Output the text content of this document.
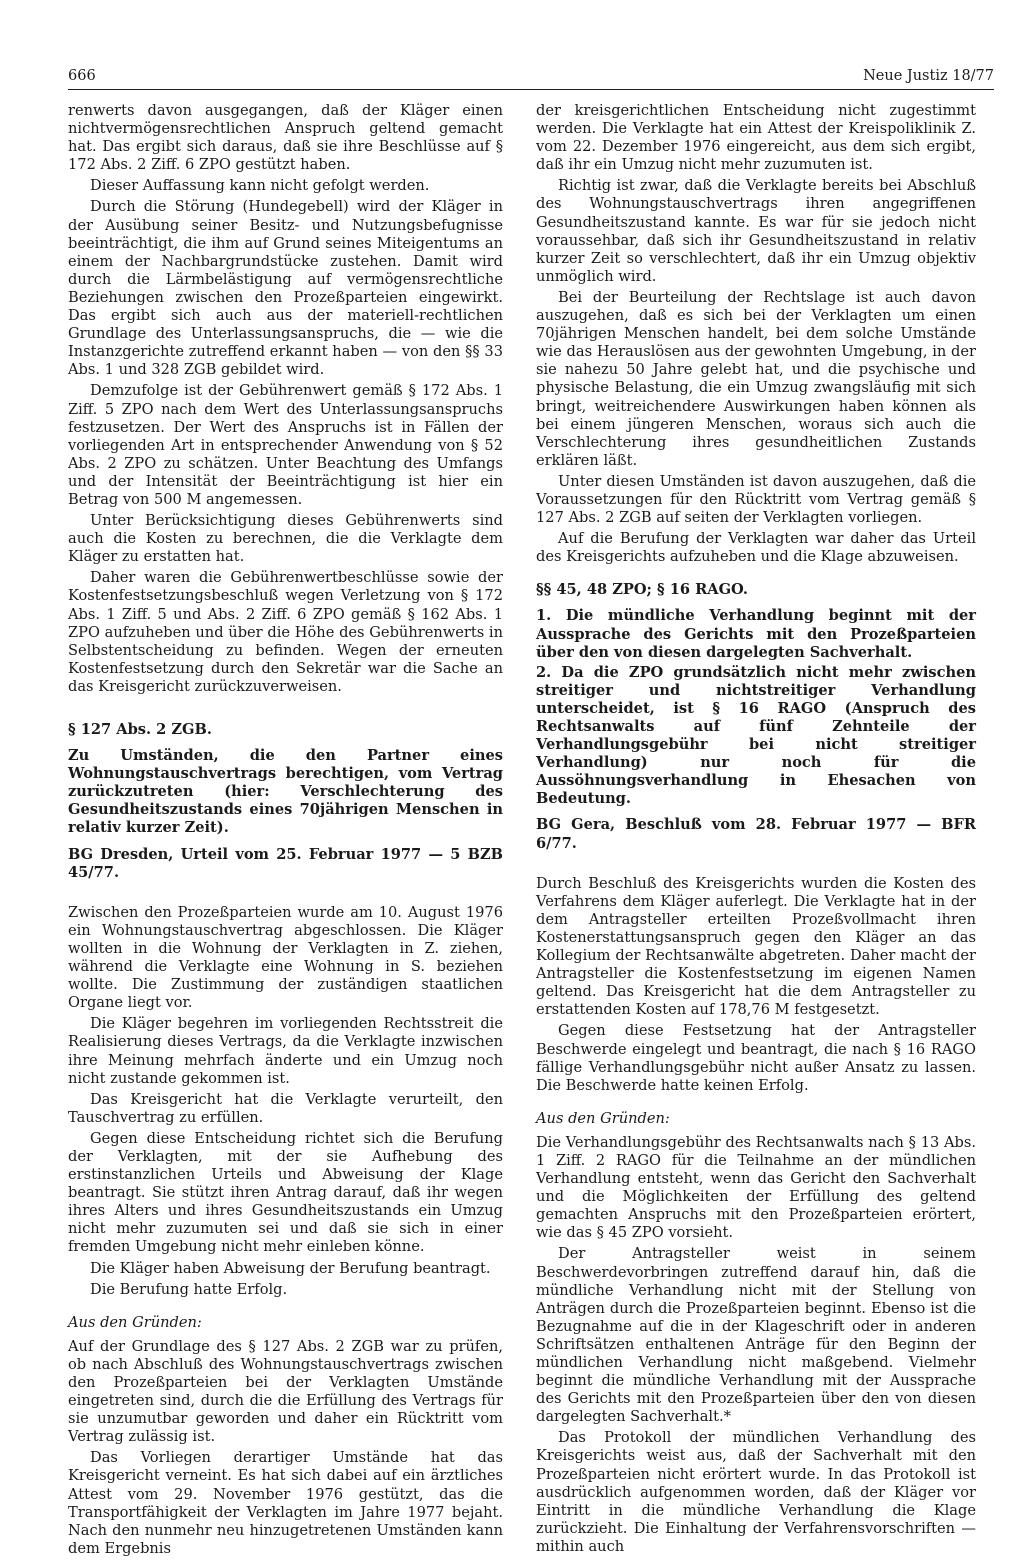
666	Neue Justiz 18/77

renwerts davon ausgegangen, daß der Kläger einen nichtvermögensrechtlichen Anspruch geltend gemacht hat. Das ergibt sich daraus, daß sie ihre Beschlüsse auf § 172 Abs. 2 Ziff. 6 ZPO gestützt haben.

Dieser Auffassung kann nicht gefolgt werden.

Durch die Störung (Hundegebell) wird der Kläger in der Ausübung seiner Besitz- und Nutzungsbefugnisse beeinträchtigt, die ihm auf Grund seines Miteigentums an einem der Nachbargrundstücke zustehen. Damit wird durch die Lärmbelästigung auf vermögensrechtliche Beziehungen zwischen den Prozeßparteien eingewirkt. Das ergibt sich auch aus der materiell-rechtlichen Grundlage des Unterlassungsanspruchs, die — wie die Instanzgerichte zutreffend erkannt haben — von den §§ 33 Abs. 1 und 328 ZGB gebildet wird.

Demzufolge ist der Gebührenwert gemäß § 172 Abs. 1 Ziff. 5 ZPO nach dem Wert des Unterlassungsanspruchs festzusetzen. Der Wert des Anspruchs ist in Fällen der vorliegenden Art in entsprechender Anwendung von § 52 Abs. 2 ZPO zu schätzen. Unter Beachtung des Umfangs und der Intensität der Beeinträchtigung ist hier ein Betrag von 500 M angemessen.

Unter Berücksichtigung dieses Gebührenwerts sind auch die Kosten zu berechnen, die die Verklagte dem Kläger zu erstatten hat.

Daher waren die Gebührenwertbeschlüsse sowie der Kostenfestsetzungsbeschluß wegen Verletzung von § 172 Abs. 1 Ziff. 5 und Abs. 2 Ziff. 6 ZPO gemäß § 162 Abs. 1 ZPO aufzuheben und über die Höhe des Gebührenwerts in Selbstentscheidung zu befinden. Wegen der erneuten Kostenfestsetzung durch den Sekretär war die Sache an das Kreisgericht zurückzuverweisen.

§ 127 Abs. 2 ZGB.

Zu Umständen, die den Partner eines Wohnungstauschvertrags berechtigen, vom Vertrag zurückzutreten (hier: Verschlechterung des Gesundheitszustands eines 70jährigen Menschen in relativ kurzer Zeit).

BG Dresden, Urteil vom 25. Februar 1977 — 5 BZB 45/77.

Zwischen den Prozeßparteien wurde am 10. August 1976 ein Wohnungstauschvertrag abgeschlossen. Die Kläger wollten in die Wohnung der Verklagten in Z. ziehen, während die Verklagte eine Wohnung in S. beziehen wollte. Die Zustimmung der zuständigen staatlichen Organe liegt vor.

Die Kläger begehren im vorliegenden Rechtsstreit die Realisierung dieses Vertrags, da die Verklagte inzwischen ihre Meinung mehrfach änderte und ein Umzug noch nicht zustande gekommen ist.

Das Kreisgericht hat die Verklagte verurteilt, den Tauschvertrag zu erfüllen.

Gegen diese Entscheidung richtet sich die Berufung der Verklagten, mit der sie Aufhebung des erstinstanzlichen Urteils und Abweisung der Klage beantragt. Sie stützt ihren Antrag darauf, daß ihr wegen ihres Alters und ihres Gesundheitszustands ein Umzug nicht mehr zuzumuten sei und daß sie sich in einer fremden Umgebung nicht mehr einleben könne.

Die Kläger haben Abweisung der Berufung beantragt.

Die Berufung hatte Erfolg.

Aus den Gründen:

Auf der Grundlage des § 127 Abs. 2 ZGB war zu prüfen, ob nach Abschluß des Wohnungstauschvertrags zwischen den Prozeßparteien bei der Verklagten Umstände eingetreten sind, durch die die Erfüllung des Vertrags für sie unzumutbar geworden und daher ein Rücktritt vom Vertrag zulässig ist.

Das Vorliegen derartiger Umstände hat das Kreisgericht verneint. Es hat sich dabei auf ein ärztliches Attest vom 29. November 1976 gestützt, das die Transportfähigkeit der Verklagten im Jahre 1977 bejaht. Nach den nunmehr neu hinzugetretenen Umständen kann dem Ergebnis

der kreisgerichtlichen Entscheidung nicht zugestimmt werden. Die Verklagte hat ein Attest der Kreispoliklinik Z. vom 22. Dezember 1976 eingereicht, aus dem sich ergibt, daß ihr ein Umzug nicht mehr zuzumuten ist.

Richtig ist zwar, daß die Verklagte bereits bei Abschluß des Wohnungstauschvertrags ihren angegriffenen Gesundheitszustand kannte. Es war für sie jedoch nicht voraussehbar, daß sich ihr Gesundheitszustand in relativ kurzer Zeit so verschlechtert, daß ihr ein Umzug objektiv unmöglich wird.

Bei der Beurteilung der Rechtslage ist auch davon auszugehen, daß es sich bei der Verklagten um einen 70jährigen Menschen handelt, bei dem solche Umstände wie das Herauslösen aus der gewohnten Umgebung, in der sie nahezu 50 Jahre gelebt hat, und die psychische und physische Belastung, die ein Umzug zwangsläufig mit sich bringt, weitreichendere Auswirkungen haben können als bei einem jüngeren Menschen, woraus sich auch die Verschlechterung ihres gesundheitlichen Zustands erklären läßt.

Unter diesen Umständen ist davon auszugehen, daß die Voraussetzungen für den Rücktritt vom Vertrag gemäß § 127 Abs. 2 ZGB auf seiten der Verklagten vorliegen.

Auf die Berufung der Verklagten war daher das Urteil des Kreisgerichts aufzuheben und die Klage abzuweisen.

§§ 45, 48 ZPO; § 16 RAGO.

1. Die mündliche Verhandlung beginnt mit der Aussprache des Gerichts mit den Prozeßparteien über den von diesen dargelegten Sachverhalt.

2. Da die ZPO grundsätzlich nicht mehr zwischen streitiger und nichtstreitiger Verhandlung unterscheidet, ist § 16 RAGO (Anspruch des Rechtsanwalts auf fünf Zehnteile der Verhandlungsgebühr bei nicht streitiger Verhandlung) nur noch für die Aussöhnungsverhandlung in Ehesachen von Bedeutung.

BG Gera, Beschluß vom 28. Februar 1977 — BFR 6/77.

Durch Beschluß des Kreisgerichts wurden die Kosten des Verfahrens dem Kläger auferlegt. Die Verklagte hat in der dem Antragsteller erteilten Prozeßvollmacht ihren Kostenerstattungsanspruch gegen den Kläger an das Kollegium der Rechtsanwälte abgetreten. Daher macht der Antragsteller die Kostenfestsetzung im eigenen Namen geltend. Das Kreisgericht hat die dem Antragsteller zu erstattenden Kosten auf 178,76 M festgesetzt.

Gegen diese Festsetzung hat der Antragsteller Beschwerde eingelegt und beantragt, die nach § 16 RAGO fällige Verhandlungsgebühr nicht außer Ansatz zu lassen. Die Beschwerde hatte keinen Erfolg.

Aus den Gründen:

Die Verhandlungsgebühr des Rechtsanwalts nach § 13 Abs. 1 Ziff. 2 RAGO für die Teilnahme an der mündlichen Verhandlung entsteht, wenn das Gericht den Sachverhalt und die Möglichkeiten der Erfüllung des geltend gemachten Anspruchs mit den Prozeßparteien erörtert, wie das § 45 ZPO vorsieht.

Der Antragsteller weist in seinem Beschwerdevorbringen zutreffend darauf hin, daß die mündliche Verhandlung nicht mit der Stellung von Anträgen durch die Prozeßparteien beginnt. Ebenso ist die Bezugnahme auf die in der Klageschrift oder in anderen Schriftsätzen enthaltenen Anträge für den Beginn der mündlichen Verhandlung nicht maßgebend. Vielmehr beginnt die mündliche Verhandlung mit der Aussprache des Gerichts mit den Prozeßparteien über den von diesen dargelegten Sachverhalt.*

Das Protokoll der mündlichen Verhandlung des Kreisgerichts weist aus, daß der Sachverhalt mit den Prozeßparteien nicht erörtert wurde. In das Protokoll ist ausdrücklich aufgenommen worden, daß der Kläger vor Eintritt in die mündliche Verhandlung die Klage zurückzieht. Die Einhaltung der Verfahrensvorschriften — mithin auch
